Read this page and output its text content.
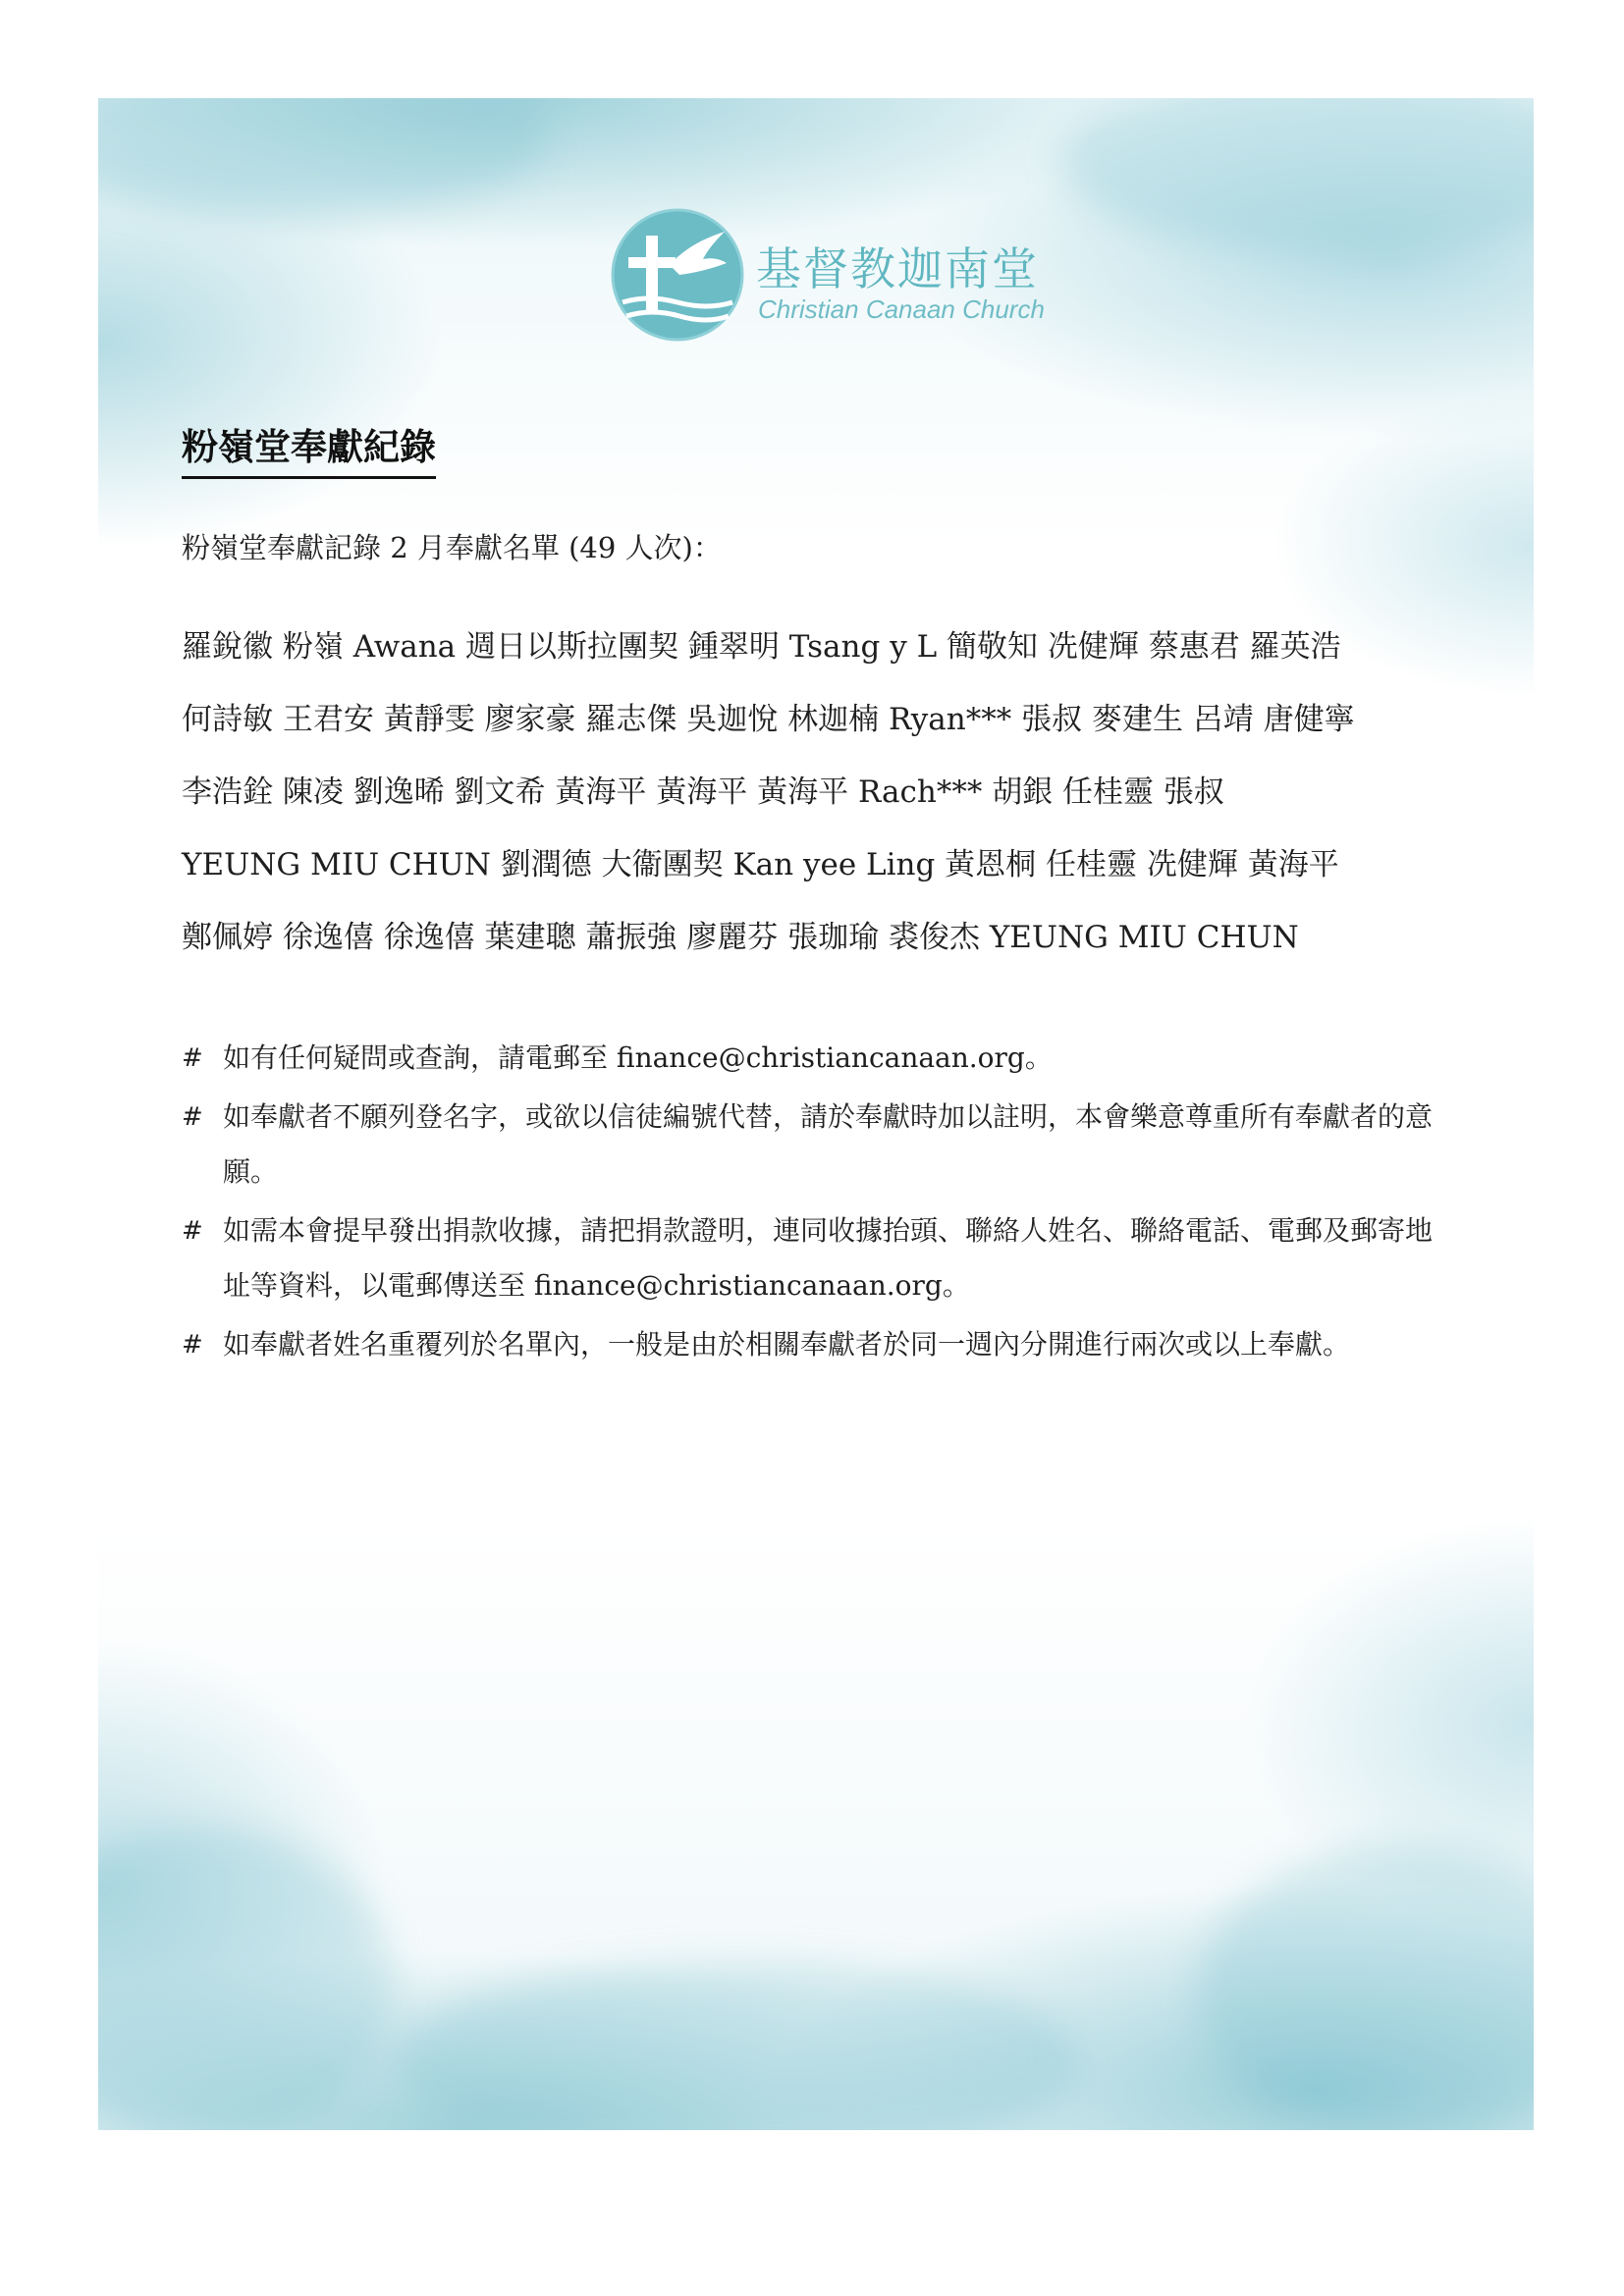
基督教迦南堂
Christian Canaan Church
粉嶺堂奉獻紀錄
粉嶺堂奉獻記錄 2 月奉獻名單 (49 人次)：
羅銳徽 粉嶺 Awana 週日以斯拉團契 鍾翠明 Tsang y L 簡敬知 冼健輝 蔡惠君 羅英浩
何詩敏 王君安 黃靜雯 廖家豪 羅志傑 吳迦悅 林迦楠 Ryan*** 張叔 麥建生 呂靖 唐健寧
李浩銓 陳凌 劉逸晞 劉文希 黃海平 黃海平 黃海平 Rach*** 胡銀 任桂靈 張叔
YEUNG MIU CHUN 劉潤德 大衞團契 Kan yee Ling 黃恩桐 任桂靈 冼健輝 黃海平
鄭佩婷 徐逸僖 徐逸僖 葉建聰 蕭振強 廖麗芬 張珈瑜 裘俊杰 YEUNG MIU CHUN
# 如有任何疑問或查詢，請電郵至 finance@christiancanaan.org。
# 如奉獻者不願列登名字，或欲以信徒編號代替，請於奉獻時加以註明，本會樂意尊重所有奉獻者的意願。
# 如需本會提早發出捐款收據，請把捐款證明，連同收據抬頭、聯絡人姓名、聯絡電話、電郵及郵寄地址等資料，以電郵傳送至 finance@christiancanaan.org。
# 如奉獻者姓名重覆列於名單內，一般是由於相關奉獻者於同一週內分開進行兩次或以上奉獻。
